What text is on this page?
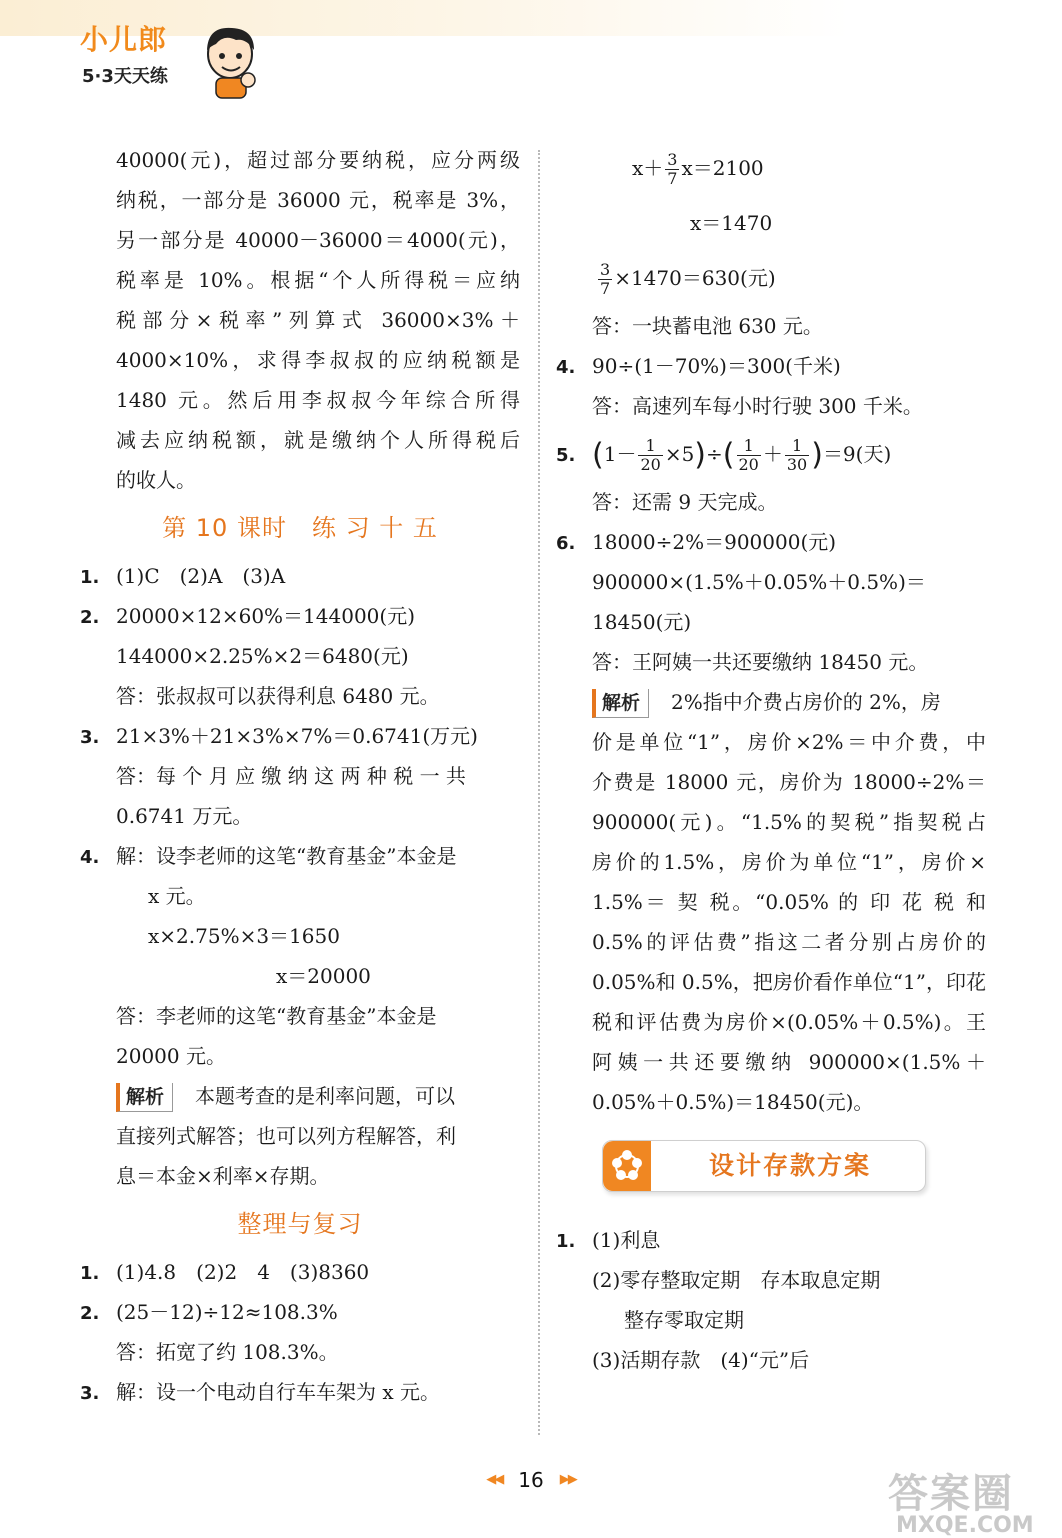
小儿郎
5·3天天练
40000(元)，超过部分要纳税，应分两级
纳税，一部分是 36000 元，税率是 3%，
另一部分是 40000－36000＝4000(元)，
税率是 10%。根据“个人所得税＝应纳
税部分×税率”列算式 36000×3%＋
4000×10%，求得李叔叔的应纳税额是
1480 元。然后用李叔叔今年综合所得
减去应纳税额，就是缴纳个人所得税后
的收人。
第 10 课时　练 习 十 五
1. (1)C　(2)A　(3)A
2. 20000×12×60%＝144000(元)
144000×2.25%×2＝6480(元)
答：张叔叔可以获得利息 6480 元。
3. 21×3%＋21×3%×7%＝0.6741(万元)
答：每 个 月 应 缴 纳 这 两 种 税 一 共
0.6741 万元。
4. 解：设李老师的这笔“教育基金”本金是
x 元。
x×2.75%×3＝1650
x＝20000
答：李老师的这笔“教育基金”本金是
20000 元。
解析 本题考查的是利率问题，可以
直接列式解答；也可以列方程解答，利
息＝本金×利率×存期。
整理与复习
1. (1)4.8　(2)2　4　(3)8360
2. (25－12)÷12≈108.3%
答：拓宽了约 108.3%。
3. 解：设一个电动自行车车架为 x 元。
$x+ \frac{3}{7} x=2100$
x＝1470
$\frac{3}{7} \times 1470=630$(元)
答：一块蓄电池 630 元。
4. 90÷(1－70%)＝300(千米)
答：高速列车每小时行驶 300 千米。
5. $(1- \frac{1}{20} \times 5)\div( \frac{1}{20} + \frac{1}{30} )=9$(天)
答：还需 9 天完成。
6. 18000÷2%＝900000(元)
900000×(1.5%＋0.05%＋0.5%)＝
18450(元)
答：王阿姨一共还要缴纳 18450 元。
解析 2%指中介费占房价的 2%，房
价是单位“1”，房价×2%＝中介费，中
介费是 18000 元，房价为 18000÷2%＝
900000(元)。“1.5%的契税”指契税占
房价的1.5%，房价为单位“1”，房价×
1.5%＝ 契 税。“0.05% 的 印 花 税 和
0.5%的评估费”指这二者分别占房价的
0.05%和 0.5%，把房价看作单位“1”，印花
税和评估费为房价×(0.05%＋0.5%)。王
阿姨一共还要缴纳 900000×(1.5%＋
0.05%＋0.5%)＝18450(元)。
设计存款方案
1. (1)利息
(2)零存整取定期　存本取息定期
整存零取定期
(3)活期存款　(4)“元”后
◀◀ 16 ▶▶	答案圈
MXQE.COM
